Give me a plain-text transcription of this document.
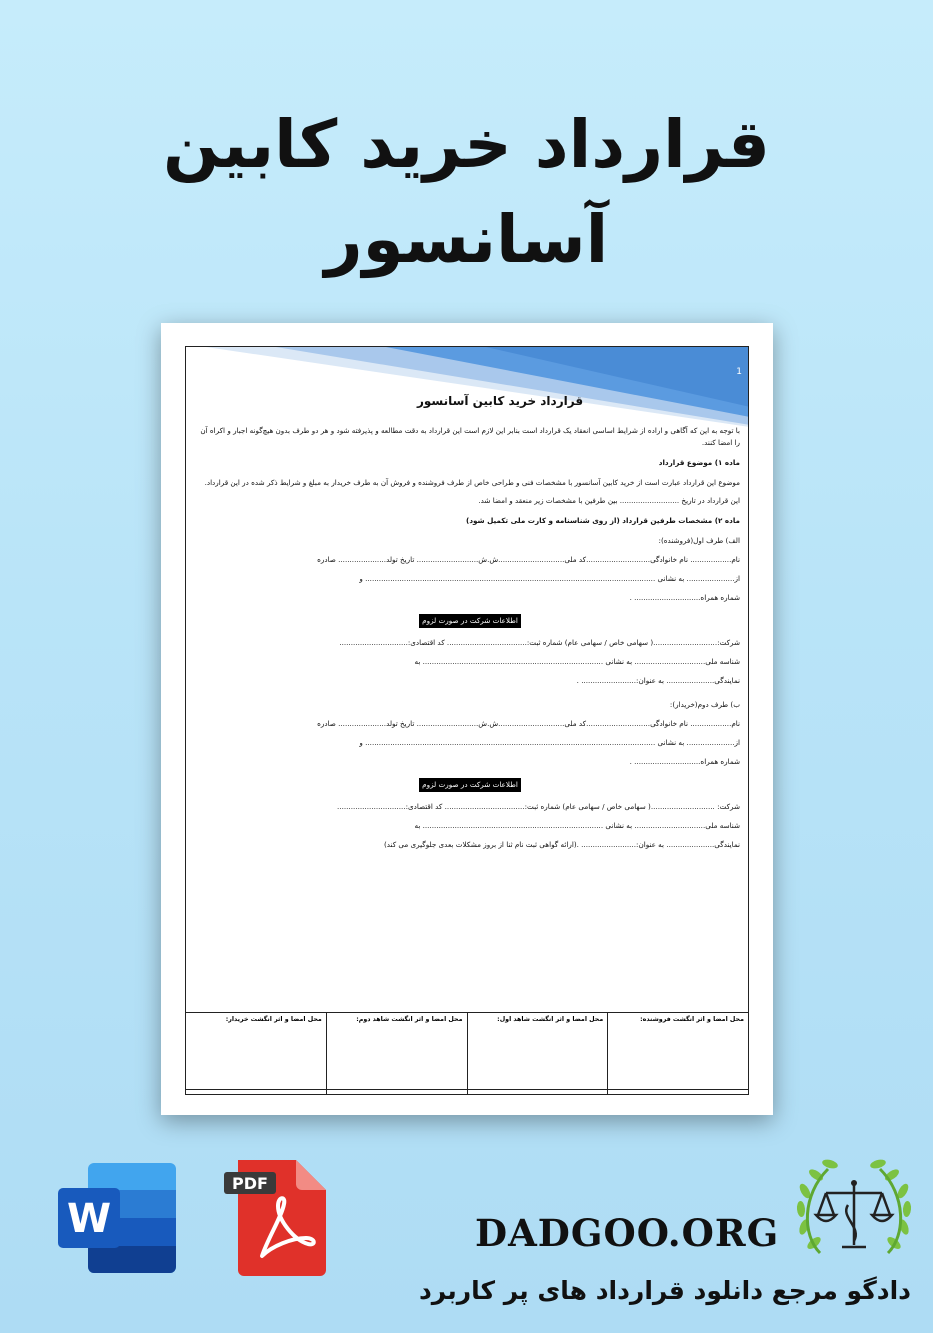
قرارداد خرید کابین
آسانسور
1
قرارداد خرید کابین آسانسور
با توجه به این که آگاهی و اراده از شرایط اساسی انعقاد یک قرارداد است بنابر این لازم است این قرارداد به دقت مطالعه و پذیرفته شود و هر دو طرف بدون هیچ‌گونه اجبار و اکراه آن را امضا کنند.
ماده ۱) موضوع قرارداد
موضوع این قرارداد عبارت است از خرید کابین آسانسور با مشخصات فنی و طراحی خاص از طرف فروشنده و فروش آن به طرف خریدار به مبلغ و شرایط ذکر شده در این قرارداد.
این قرارداد در تاریخ .......................... بین طرفین با مشخصات زیر منعقد و امضا شد.
ماده ۲) مشخصات طرفین قرارداد (از روی شناسنامه و کارت ملی تکمیل شود)
الف) طرف اول(فروشنده):
نام.................. نام خانوادگی............................کد ملی.............................ش.ش........................... تاریخ تولد..................... صادره
از..................... به نشانی ............................................................................................................................... و
شماره همراه............................. .
اطلاعات شرکت در صورت لزوم
شرکت:............................( سهامی خاص / سهامی عام) شماره ثبت:................................... کد اقتصادی:..............................
شناسه ملی............................... به نشانی ............................................................................... به
نمایندگی..................... به عنوان:........................ .
ب) طرف دوم(خریدار):
نام.................. نام خانوادگی............................کد ملی.............................ش.ش........................... تاریخ تولد..................... صادره
از..................... به نشانی ............................................................................................................................... و
شماره همراه............................. .
اطلاعات شرکت در صورت لزوم
شرکت: ............................( سهامی خاص / سهامی عام) شماره ثبت:................................... کد اقتصادی:..............................
شناسه ملی............................... به نشانی ............................................................................... به
نمایندگی..................... به عنوان:........................ .(ارائه گواهی ثبت نام ثنا از بروز مشکلات بعدی جلوگیری می کند)
محل امضا و اثر انگشت فروشنده:
محل امضا و اثر انگشت شاهد اول:
محل امضا و اثر انگشت شاهد دوم:
محل امضا و اثر انگشت خریدار:
W
PDF
DADGOO.ORG
دادگو مرجع دانلود قرارداد های پر کاربرد
